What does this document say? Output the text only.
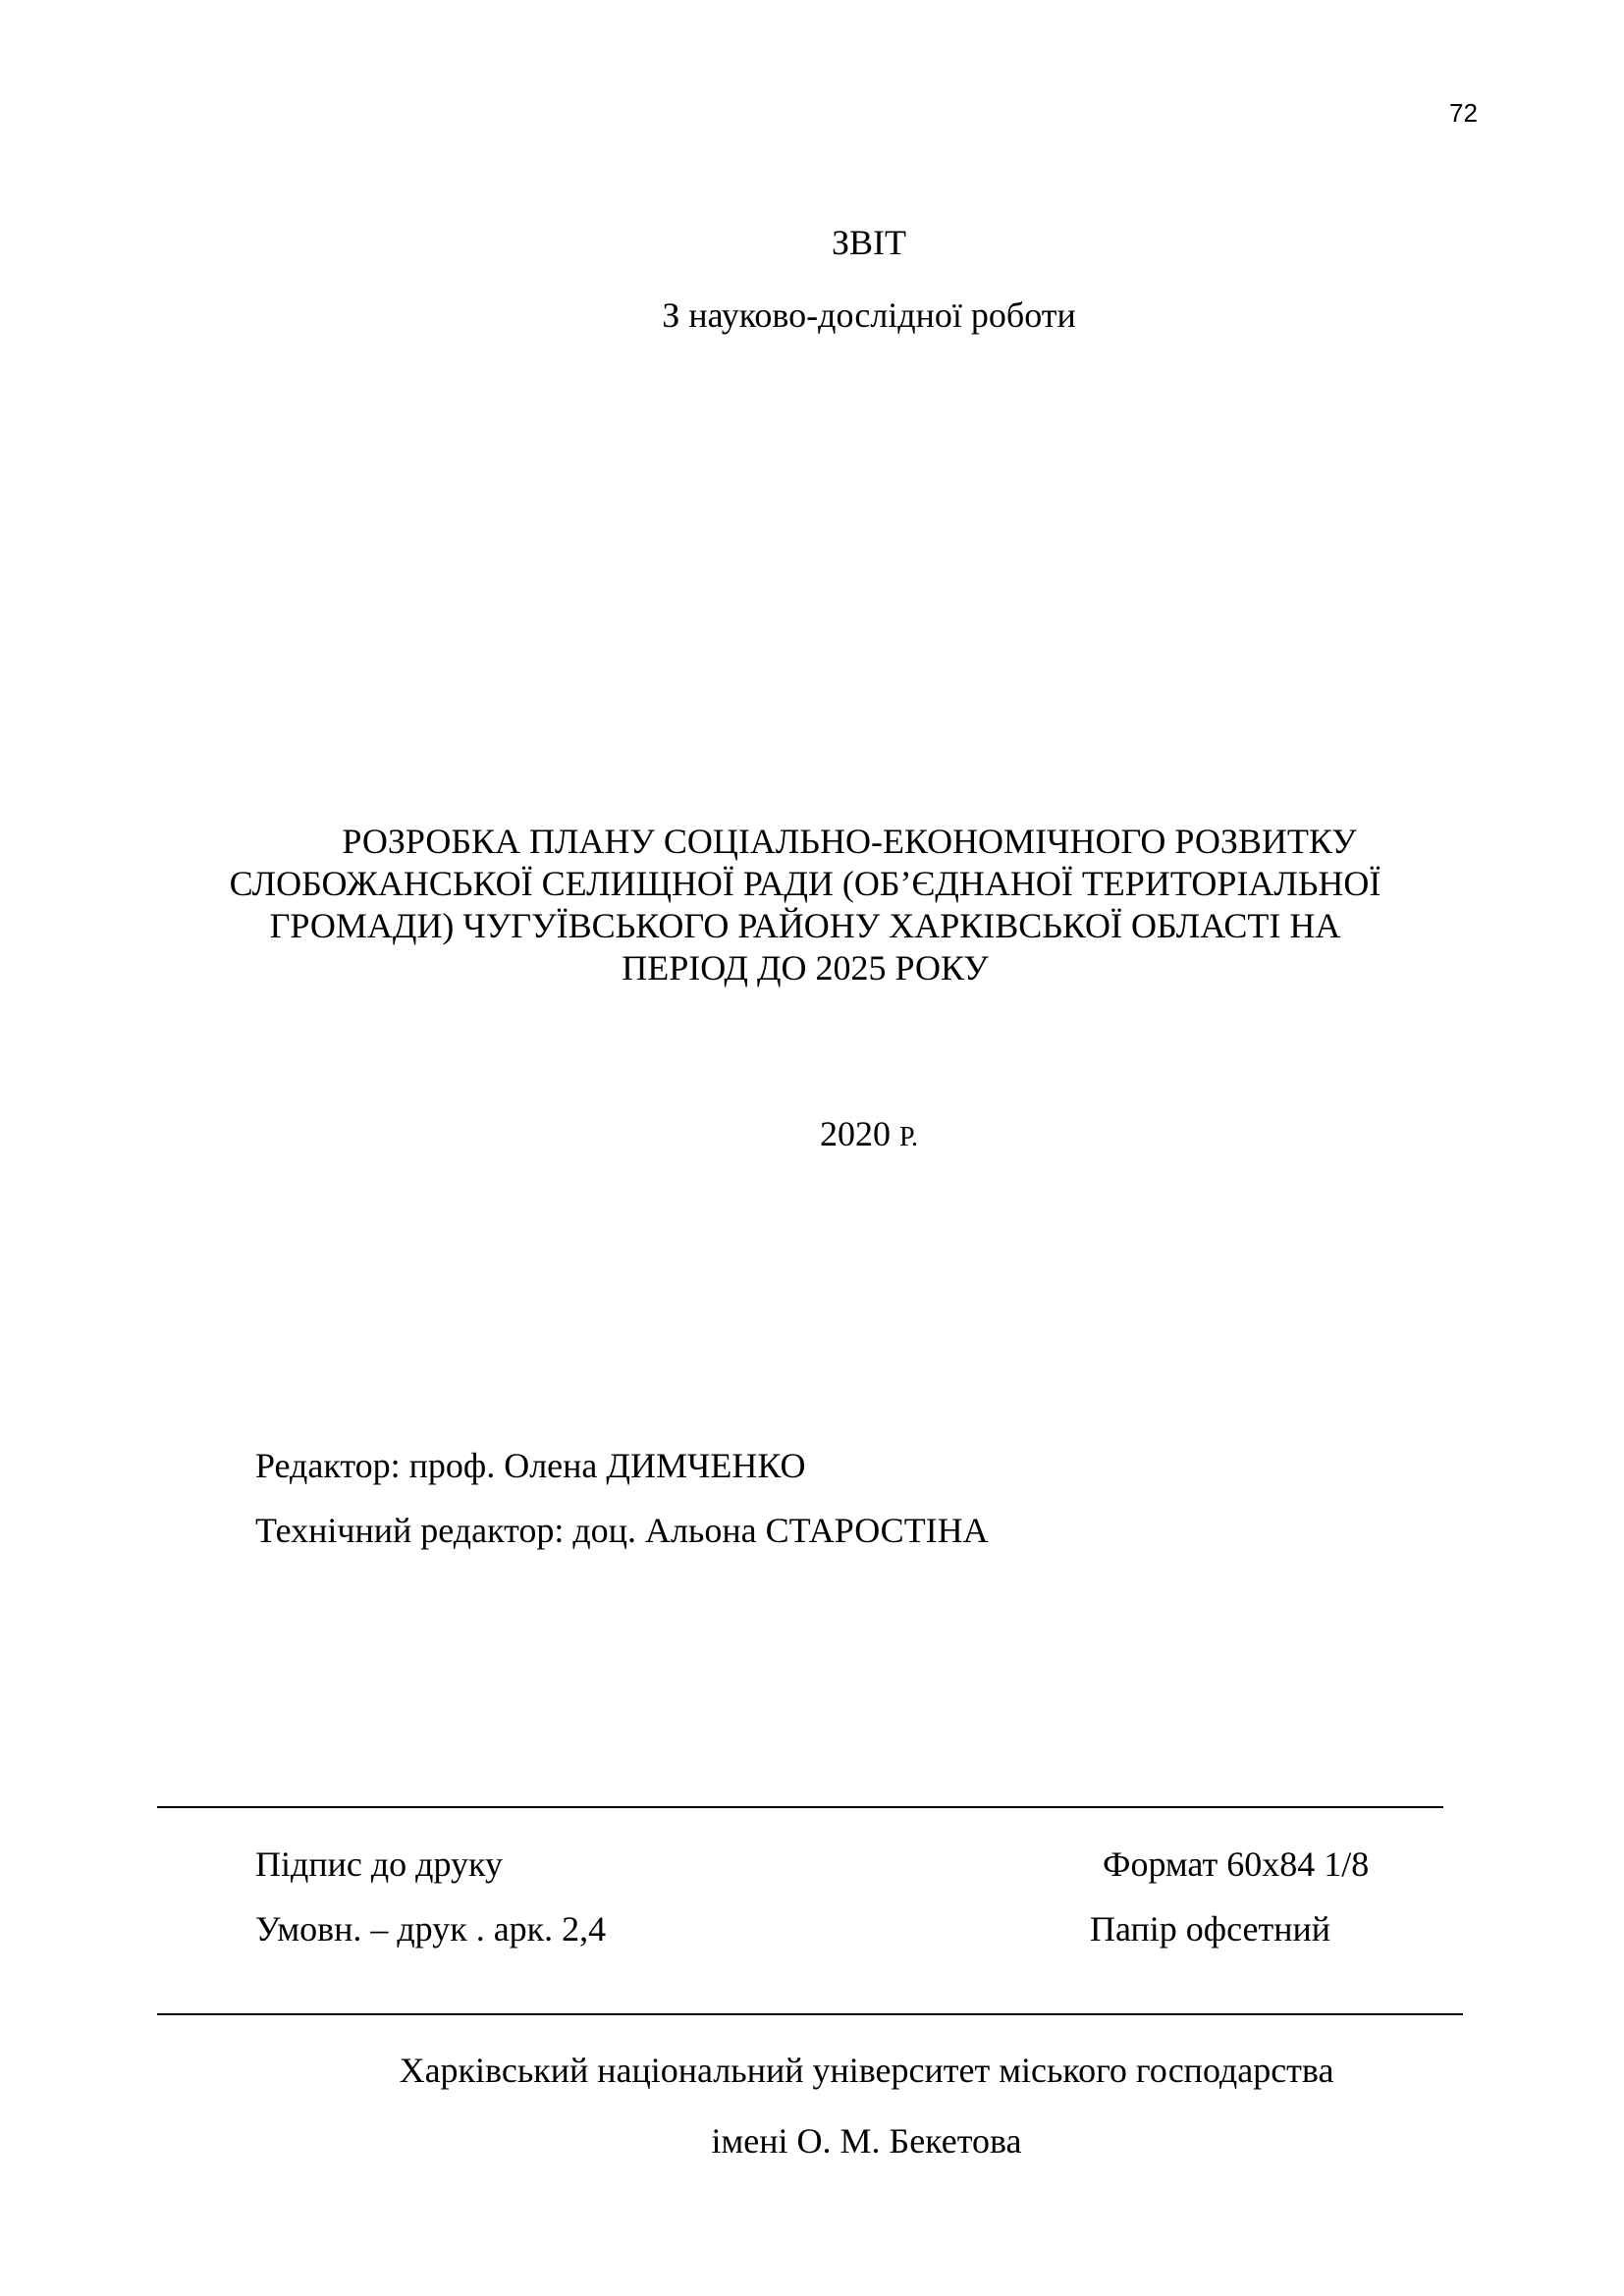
72
ЗВІТ
З науково-дослідної роботи
РОЗРОБКА ПЛАНУ СОЦІАЛЬНО-ЕКОНОМІЧНОГО РОЗВИТКУ
СЛОБОЖАНСЬКОЇ СЕЛИЩНОЇ РАДИ (ОБ’ЄДНАНОЇ ТЕРИТОРІАЛЬНОЇ
ГРОМАДИ) ЧУГУЇВСЬКОГО РАЙОНУ ХАРКІВСЬКОЇ ОБЛАСТІ НА
ПЕРІОД ДО 2025 РОКУ
2020 Р.
Редактор: проф. Олена ДИМЧЕНКО
Технічний редактор: доц. Альона СТАРОСТІНА
Підпис до друку	Формат 60х84 1/8
Умовн. – друк . арк. 2,4	Папір офсетний
Харківський національний університет міського господарства
імені О. М. Бекетова
